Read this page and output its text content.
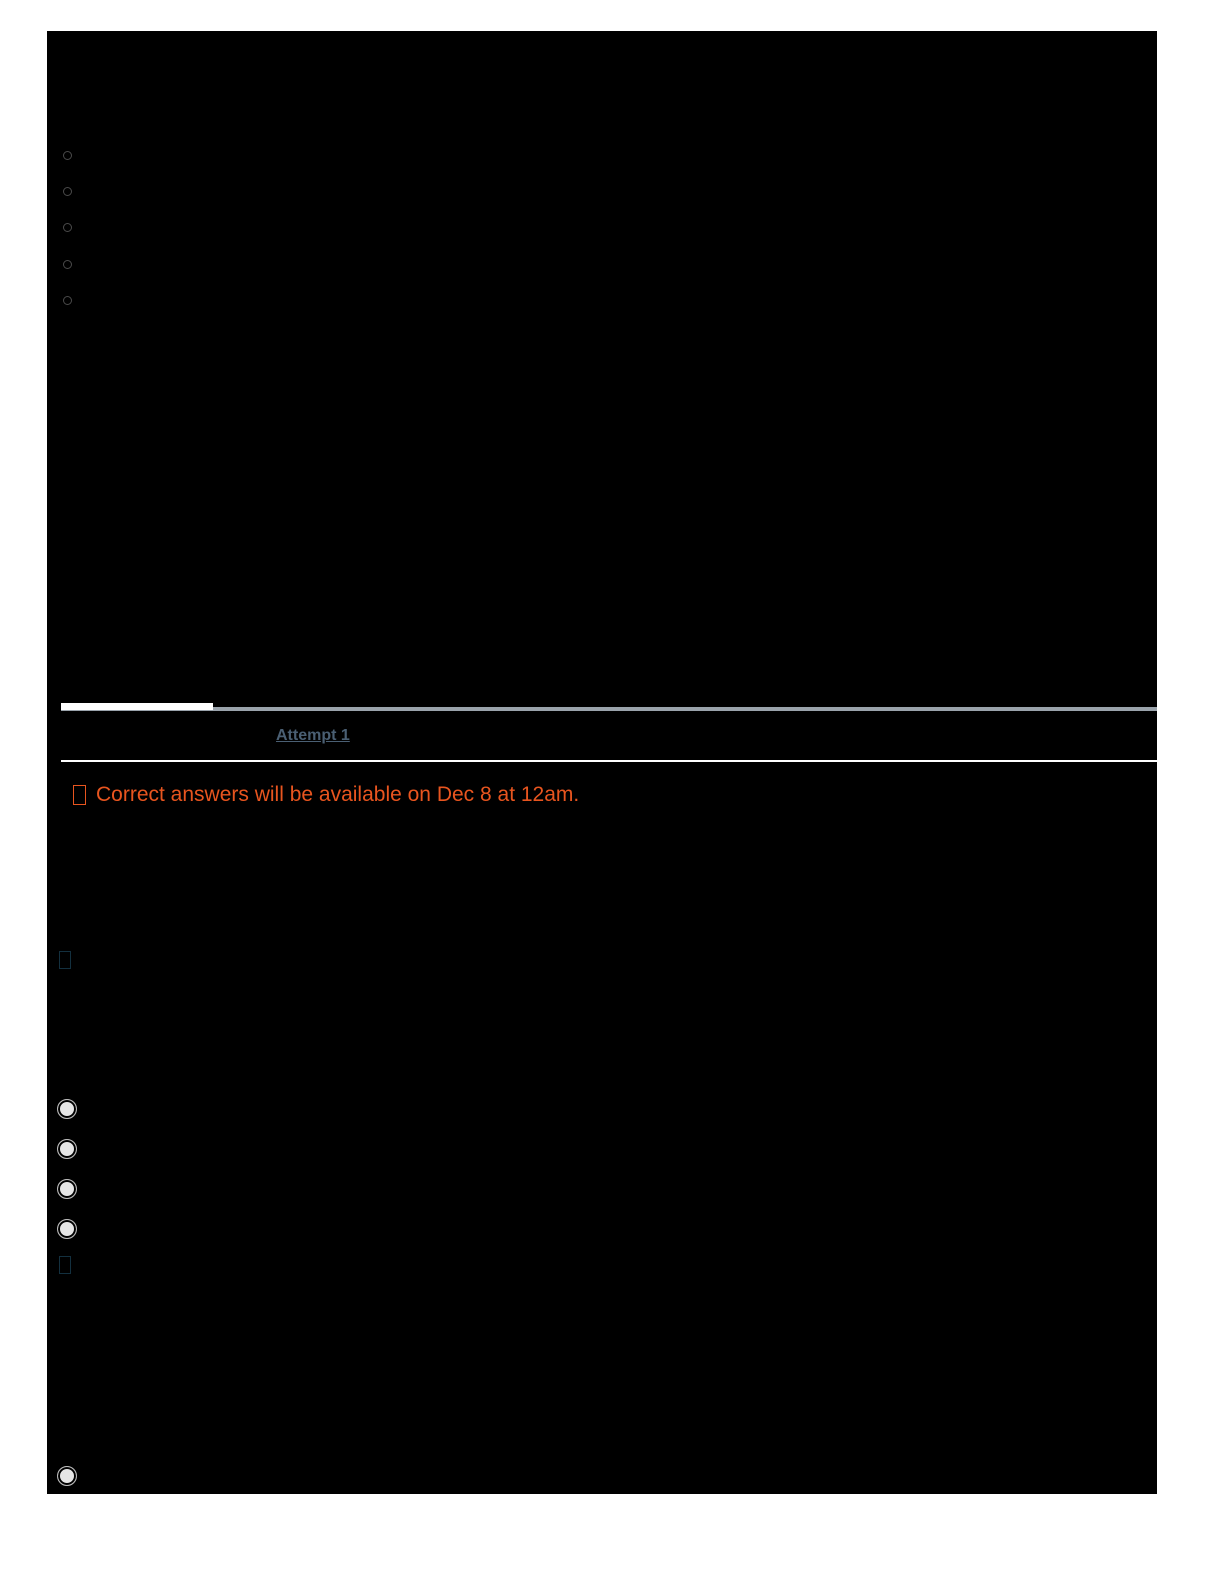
Attempt 1
Correct answers will be available on Dec 8 at 12am.
